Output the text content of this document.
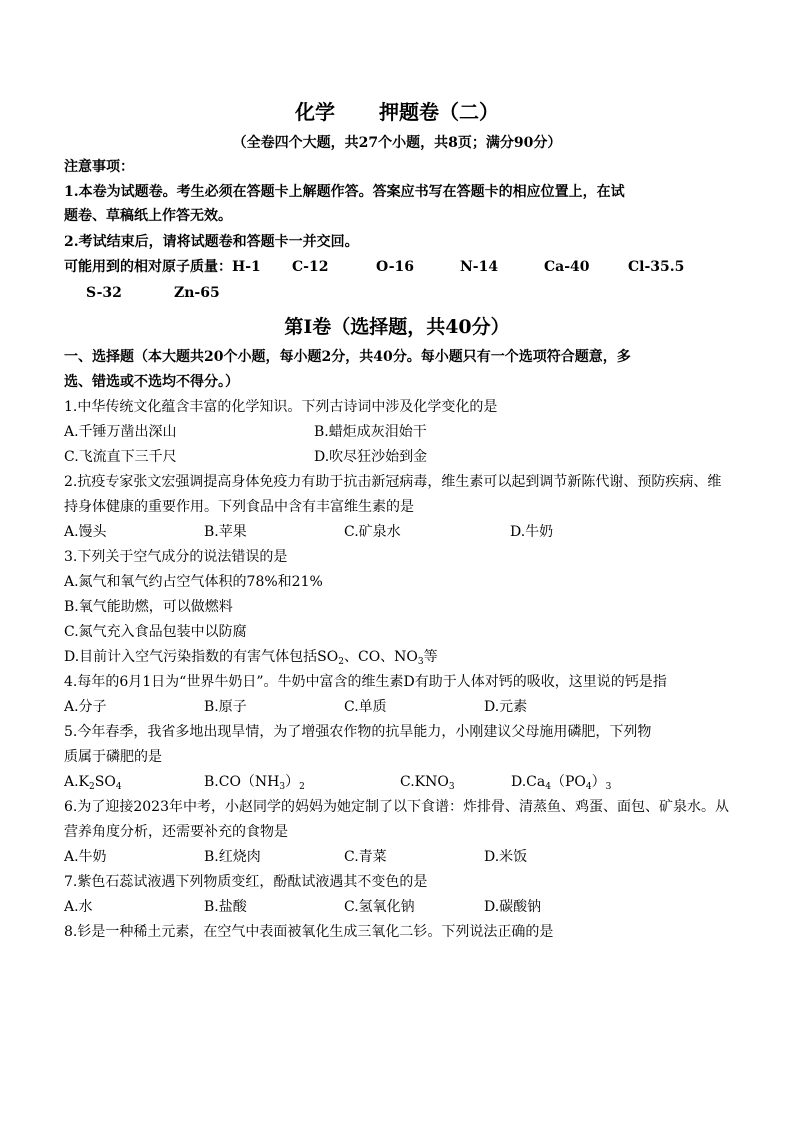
化学 押题卷（二）
（全卷四个大题，共27个小题，共8页；满分90分）
注意事项：
1.本卷为试题卷。考生必须在答题卡上解题作答。答案应书写在答题卡的相应位置上，在试
题卷、草稿纸上作答无效。
2.考试结束后，请将试题卷和答题卡一并交回。
可能用到的相对原子质量：H-1 C-12	O-16	N-14	Ca-40	Cl-35.5
S-32	Zn-65
第I卷（选择题，共40分）
一、选择题（本大题共20个小题，每小题2分，共40分。每小题只有一个选项符合题意，多
选、错选或不选均不得分。）
1.中华传统文化蕴含丰富的化学知识。下列古诗词中涉及化学变化的是
A.千锤万凿出深山	B.蜡炬成灰泪始干
C.飞流直下三千尺	D.吹尽狂沙始到金
2.抗疫专家张文宏强调提高身体免疫力有助于抗击新冠病毒，维生素可以起到调节新陈代谢、预防疾病、维
持身体健康的重要作用。下列食品中含有丰富维生素的是
A.馒头	B.苹果	C.矿泉水	D.牛奶
3.下列关于空气成分的说法错误的是
A.氮气和氧气约占空气体积的78%和21%
B.氧气能助燃，可以做燃料
C.氮气充入食品包装中以防腐
D.目前计入空气污染指数的有害气体包括$SO_2$、CO、$NO_3$等
4.每年的6月1日为“世界牛奶日”。牛奶中富含的维生素D有助于人体对钙的吸收，这里说的钙是指
A.分子	B.原子	C.单质	D.元素
5.今年春季，我省多地出现旱情，为了增强农作物的抗旱能力，小刚建议父母施用磷肥，下列物
质属于磷肥的是
$A.K_2SO_4$	$B.CO(NH_3)_2$	$C.KNO_3$	$D.Ca_4(PO_4)_3$
6.为了迎接2023年中考，小赵同学的妈妈为她定制了以下食谱：炸排骨、清蒸鱼、鸡蛋、面包、矿泉水。从
营养角度分析，还需要补充的食物是
A.牛奶	B.红烧肉	C.青菜	D.米饭
7.紫色石蕊试液遇下列物质变红，酚酞试液遇其不变色的是
A.水	B.盐酸	C.氢氧化钠	D.碳酸钠
8.钐是一种稀土元素，在空气中表面被氧化生成三氧化二钐。下列说法正确的是
